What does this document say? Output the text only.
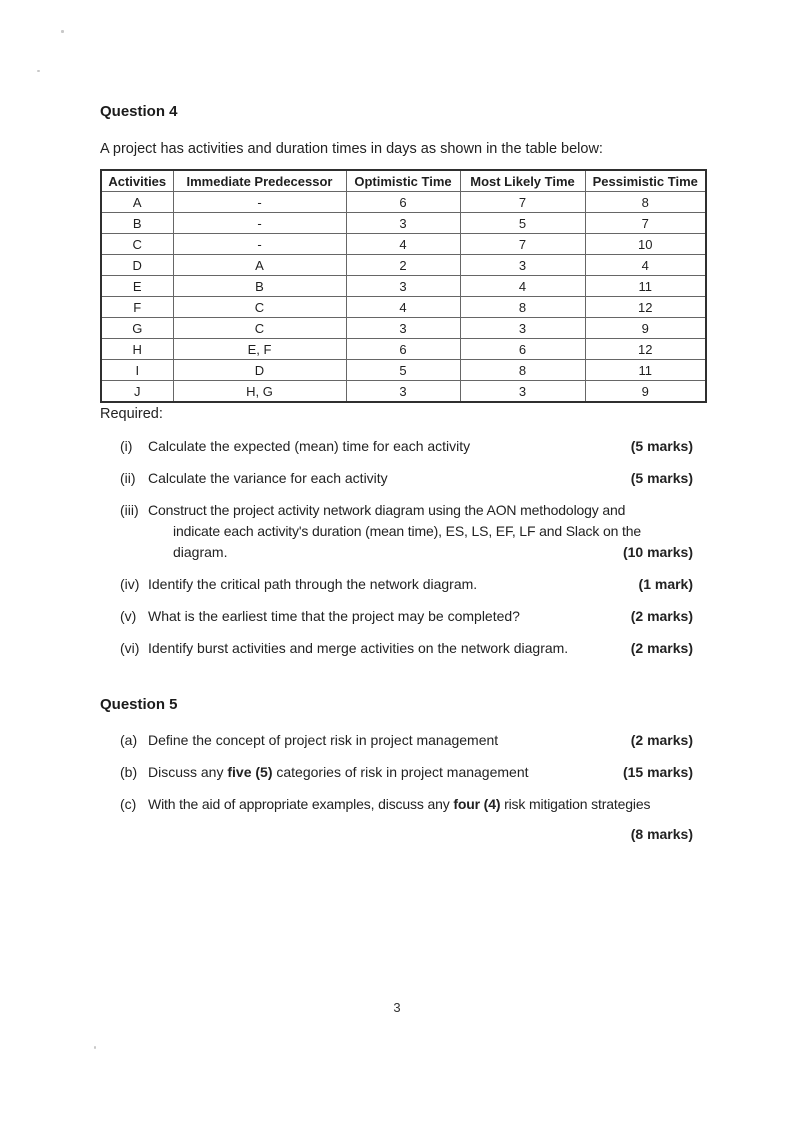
Question 4

A project has activities and duration times in days as shown in the table below:

Activities	Immediate Predecessor	Optimistic Time	Most Likely Time	Pessimistic Time
A	-	6	7	8
B	-	3	5	7
C	-	4	7	10
D	A	2	3	4
E	B	3	4	11
F	C	4	8	12
G	C	3	3	9
H	E, F	6	6	12
I	D	5	8	11
J	H, G	3	3	9

Required:

(i)	Calculate the expected (mean) time for each activity	(5 marks)
(ii) Calculate the variance for each activity	(5 marks)
(iii) Construct the project activity network diagram using the AON methodology and
indicate each activity's duration (mean time), ES, LS, EF, LF and Slack on the
diagram.	(10 marks)
(iv) Identify the critical path through the network diagram.	(1 mark)
(v) What is the earliest time that the project may be completed?	(2 marks)
(vi) Identify burst activities and merge activities on the network diagram.	(2 marks)
Question 5
(a) Define the concept of project risk in project management	(2 marks)
(b) Discuss any five (5) categories of risk in project management	(15 marks)
(c) With the aid of appropriate examples, discuss any four (4) risk mitigation strategies
(8 marks)
3
